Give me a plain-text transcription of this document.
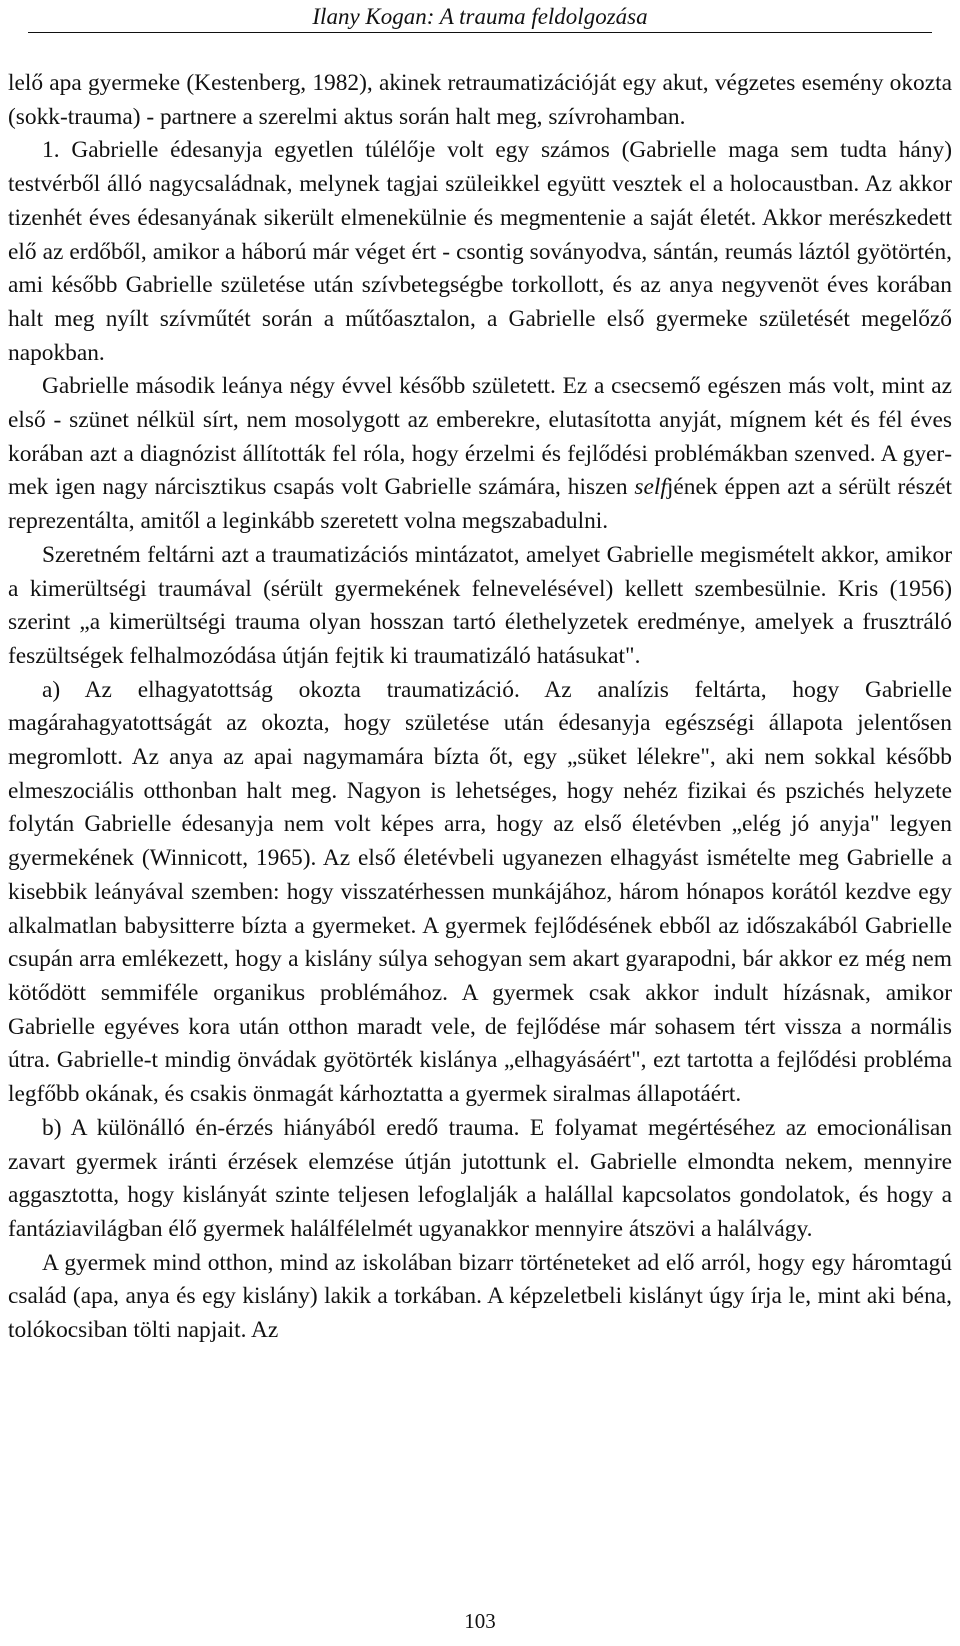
Ilany Kogan: A trauma feldolgozása

lelő apa gyermeke (Kestenberg, 1982), akinek retraumatizációját egy akut, végzetes esemény okozta (sokk-trauma) - partnere a szerelmi aktus során halt meg, szívrohamban.

1. Gabrielle édesanyja egyetlen túlélője volt egy számos (Gabrielle maga sem tudta hány) testvérből álló nagycsaládnak, melynek tagjai szüleikkel együtt vesztek el a holocaustban. Az akkor tizenhét éves édesanyának sikerült elmenekülnie és megmentenie a saját életét. Akkor merészkedett elő az erdőből, amikor a háború már véget ért - csontig soványodva, sántán, reumás láztól gyötörtén, ami később Gabrielle születése után szívbetegségbe torkollott, és az anya negyvenöt éves korában halt meg nyílt szívműtét során a műtőasztalon, a Gabrielle első gyermeke születését megelőző napokban.

Gabrielle második leánya négy évvel később született. Ez a csecsemő egészen más volt, mint az első - szünet nélkül sírt, nem mosolygott az emberekre, elutasította anyját, mígnem két és fél éves korában azt a diagnózist állították fel róla, hogy érzelmi és fejlődési problémákban szenved. A gyermek igen nagy nárcisztikus csapás volt Gabrielle számára, hiszen selfjének éppen azt a sérült részét reprezentálta, amitől a leginkább szeretett volna megszabadulni.

Szeretném feltárni azt a traumatizációs mintázatot, amelyet Gabrielle megismételt akkor, amikor a kimerültségi traumával (sérült gyermekének felnevelésével) kellett szembesülnie. Kris (1956) szerint „a kimerültségi trauma olyan hosszan tartó élethelyzetek eredménye, amelyek a frusztráló feszültségek felhalmozódása útján fejtik ki traumatizáló hatásukat".

a) Az elhagyatottság okozta traumatizáció. Az analízis feltárta, hogy Gabrielle magárahagyatottságát az okozta, hogy születése után édesanyja egészségi állapota jelentősen megromlott. Az anya az apai nagymamára bízta őt, egy „süket lélekre", aki nem sokkal később elmeszociális otthonban halt meg. Nagyon is lehetséges, hogy nehéz fizikai és pszichés helyzete folytán Gabrielle édesanyja nem volt képes arra, hogy az első életévben „elég jó anyja" legyen gyermekének (Winnicott, 1965). Az első életévbeli ugyanezen elhagyást ismételte meg Gabrielle a kisebbik leányával szemben: hogy visszatérhessen munkájához, három hónapos korától kezdve egy alkalmatlan babysitterre bízta a gyermeket. A gyermek fejlődésének ebből az időszakából Gabrielle csupán arra emlékezett, hogy a kislány súlya sehogyan sem akart gyarapodni, bár akkor ez még nem kötődött semmiféle organikus problémához. A gyermek csak akkor indult hízásnak, amikor Gabrielle egyéves kora után otthon maradt vele, de fejlődése már sohasem tért vissza a normális útra. Gabrielle-t mindig önvádak gyötörték kislánya „elhagyásáért", ezt tartotta a fejlődési probléma legfőbb okának, és csakis önmagát kárhoztatta a gyermek siralmas állapotáért.

b) A különálló én-érzés hiányából eredő trauma. E folyamat megértéséhez az emocionálisan zavart gyermek iránti érzések elemzése útján jutottunk el. Gabrielle elmondta nekem, mennyire aggasztotta, hogy kislányát szinte teljesen lefoglalják a halállal kapcsolatos gondolatok, és hogy a fantáziavilágban élő gyermek halálfélelmét ugyanakkor mennyire átszövi a halálvágy.

A gyermek mind otthon, mind az iskolában bizarr történeteket ad elő arról, hogy egy háromtagú család (apa, anya és egy kislány) lakik a torkában. A képzeletbeli kislányt úgy írja le, mint aki béna, tolókocsiban tölti napjait. Az

103
